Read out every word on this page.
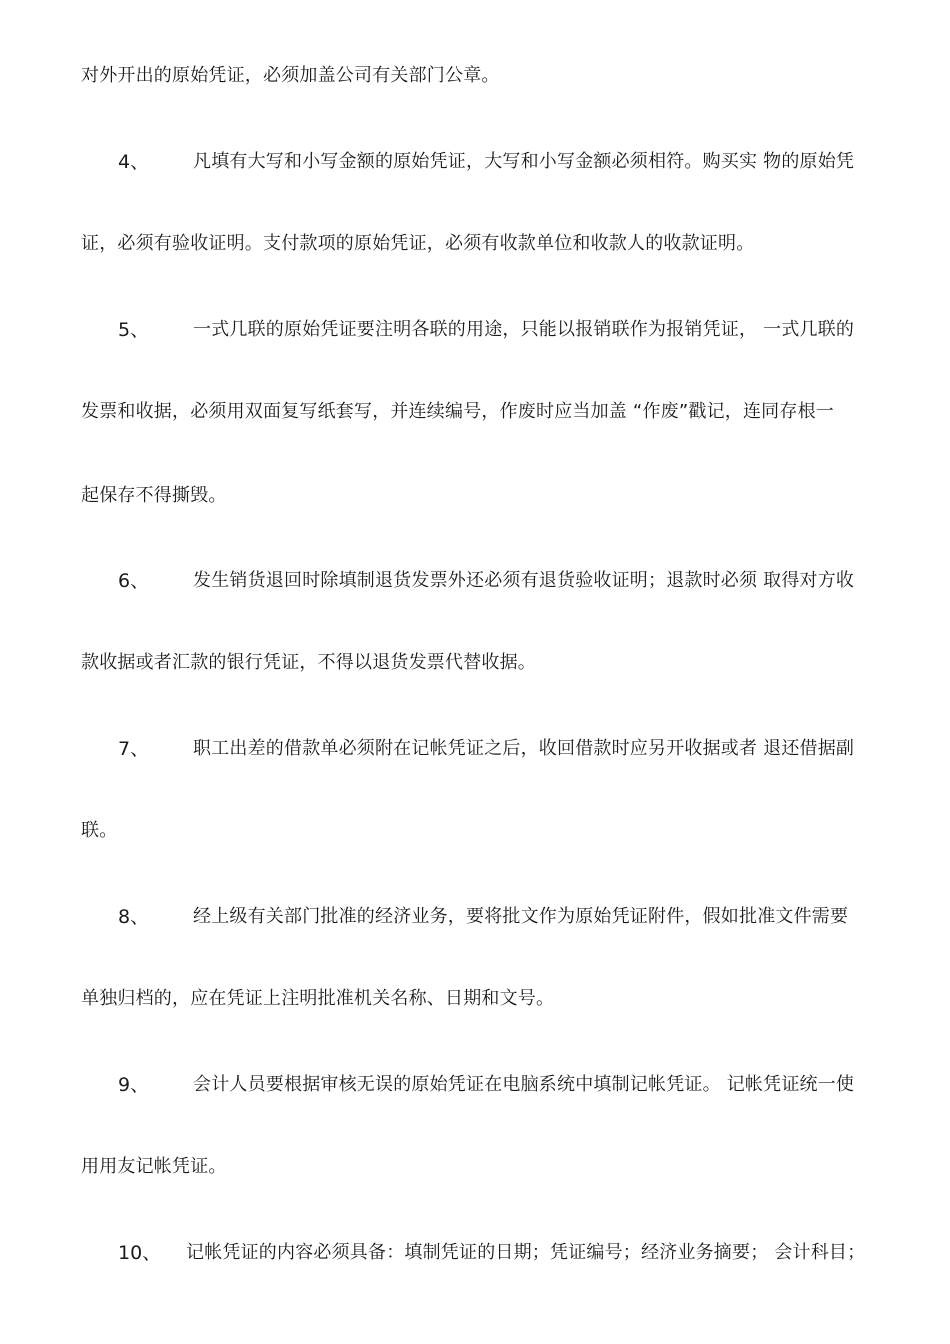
对外开出的原始凭证，必须加盖公司有关部门公章。
4、	凡填有大写和小写金额的原始凭证，大写和小写金额必须相符。购买实 物的原始凭
证，必须有验收证明。支付款项的原始凭证，必须有收款单位和收款人的收款证明。
5、	一式几联的原始凭证要注明各联的用途，只能以报销联作为报销凭证， 一式几联的
发票和收据，必须用双面复写纸套写，并连续编号，作废时应当加盖 “作废”戳记，连同存根一
起保存不得撕毁。
6、	发生销货退回时除填制退货发票外还必须有退货验收证明；退款时必须 取得对方收
款收据或者汇款的银行凭证，不得以退货发票代替收据。
7、	职工出差的借款单必须附在记帐凭证之后，收回借款时应另开收据或者 退还借据副
联。
8、	经上级有关部门批准的经济业务，要将批文作为原始凭证附件，假如批准文件需要
单独归档的，应在凭证上注明批准机关名称、日期和文号。
9、	会计人员要根据审核无误的原始凭证在电脑系统中填制记帐凭证。 记帐凭证统一使
用用友记帐凭证。
10、	记帐凭证的内容必须具备：填制凭证的日期；凭证编号；经济业务摘要； 会计科目；
